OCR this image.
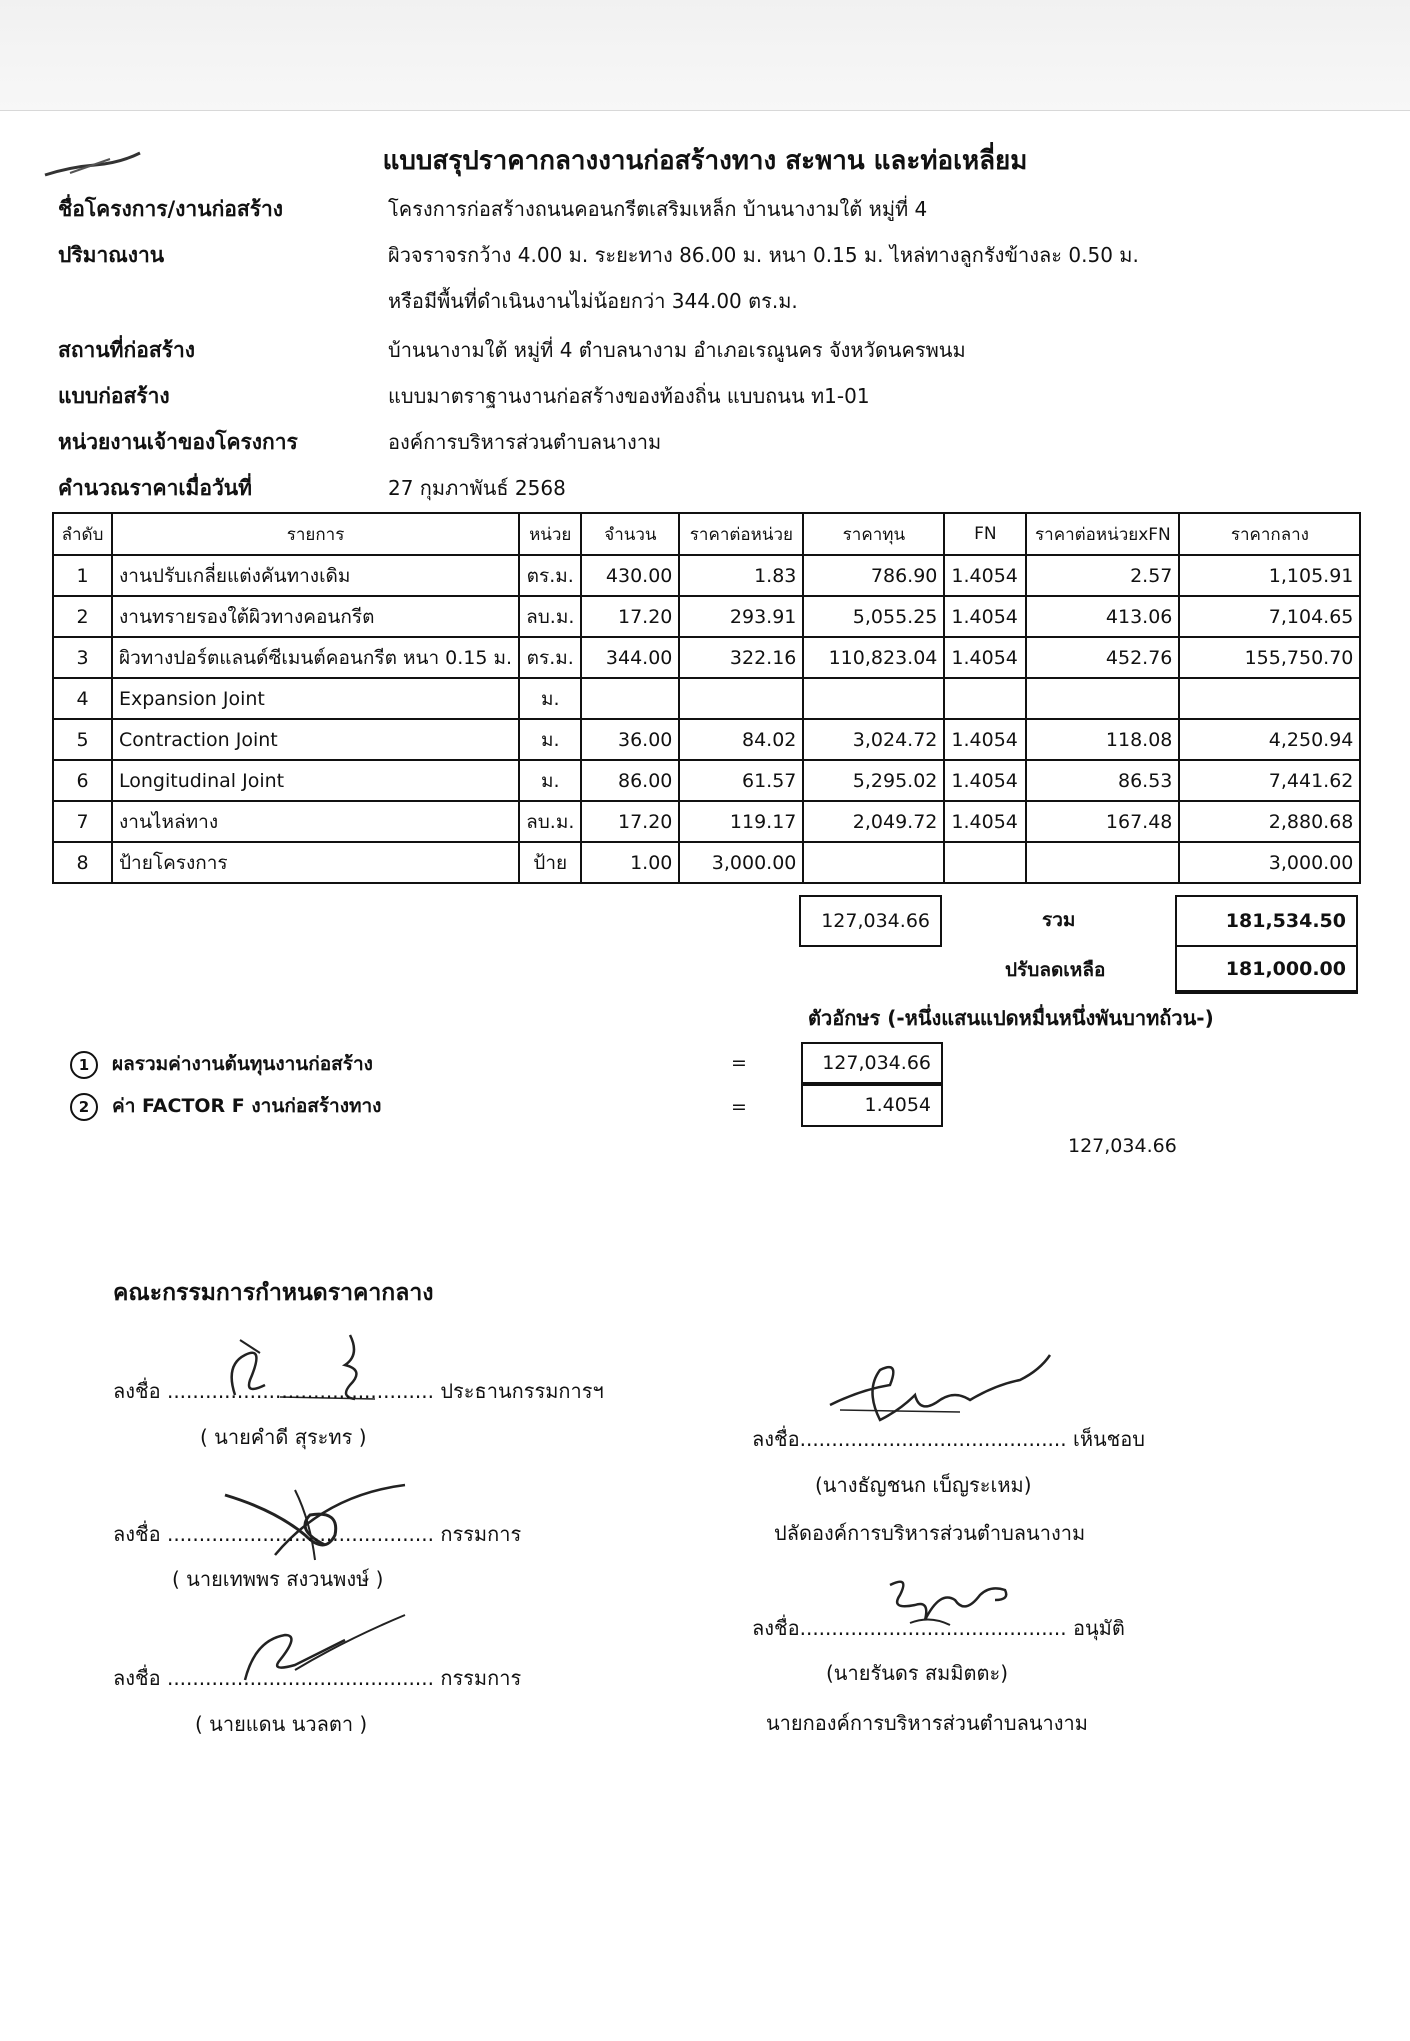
แบบสรุปราคากลางงานก่อสร้างทาง สะพาน และท่อเหลี่ยม
ชื่อโครงการ/งานก่อสร้าง	โครงการก่อสร้างถนนคอนกรีตเสริมเหล็ก บ้านนางามใต้ หมู่ที่ 4
ปริมาณงาน	ผิวจราจรกว้าง 4.00 ม. ระยะทาง 86.00 ม. หนา 0.15 ม. ไหล่ทางลูกรังข้างละ 0.50 ม.
หรือมีพื้นที่ดำเนินงานไม่น้อยกว่า 344.00 ตร.ม.
สถานที่ก่อสร้าง	บ้านนางามใต้ หมู่ที่ 4 ตำบลนางาม อำเภอเรณูนคร จังหวัดนครพนม
แบบก่อสร้าง	แบบมาตราฐานงานก่อสร้างของท้องถิ่น แบบถนน ท1-01
หน่วยงานเจ้าของโครงการ	องค์การบริหารส่วนตำบลนางาม
คำนวณราคาเมื่อวันที่	27 กุมภาพันธ์ 2568
ลำดับ	รายการ	หน่วย	จำนวน	ราคาต่อหน่วย	ราคาทุน	FN	ราคาต่อหน่วยxFN	ราคากลาง
1	งานปรับเกลี่ยแต่งคันทางเดิม	ตร.ม.	430.00	1.83	786.90	1.4054	2.57	1,105.91
2	งานทรายรองใต้ผิวทางคอนกรีต	ลบ.ม.	17.20	293.91	5,055.25	1.4054	413.06	7,104.65
3	ผิวทางปอร์ตแลนด์ซีเมนต์คอนกรีต หนา 0.15 ม.	ตร.ม.	344.00	322.16	110,823.04	1.4054	452.76	155,750.70
4	Expansion Joint	ม.						
5	Contraction Joint	ม.	36.00	84.02	3,024.72	1.4054	118.08	4,250.94
6	Longitudinal Joint	ม.	86.00	61.57	5,295.02	1.4054	86.53	7,441.62
7	งานไหล่ทาง	ลบ.ม.	17.20	119.17	2,049.72	1.4054	167.48	2,880.68
8	ป้ายโครงการ	ป้าย	1.00	3,000.00				3,000.00
127,034.66	รวม	181,534.50
ปรับลดเหลือ	181,000.00
ตัวอักษร (-หนึ่งแสนแปดหมื่นหนึ่งพันบาทถ้วน-)
1 ผลรวมค่างานต้นทุนงานก่อสร้าง	=	127,034.66
2 ค่า FACTOR F งานก่อสร้างทาง	=	1.4054
127,034.66
คณะกรรมการกำหนดราคากลาง
ลงชื่อ .......................................... ประธานกรรมการฯ
( นายคำดี สุระทร )
ลงชื่อ .......................................... กรรมการ
( นายเทพพร สงวนพงษ์ )
ลงชื่อ .......................................... กรรมการ
( นายแดน นวลตา )
ลงชื่อ.......................................... เห็นชอบ
(นางธัญชนก เบ็ญระเหม)
ปลัดองค์การบริหารส่วนตำบลนางาม
ลงชื่อ.......................................... อนุมัติ
(นายรันดร สมมิตตะ)
นายกองค์การบริหารส่วนตำบลนางาม
